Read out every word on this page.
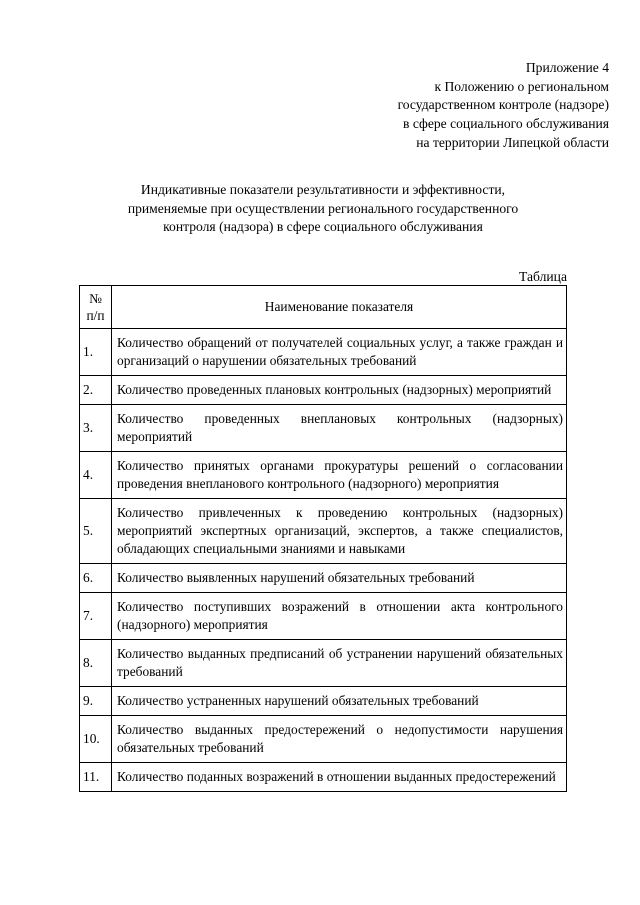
Приложение 4
к Положению о региональном
государственном контроле (надзоре)
в сфере социального обслуживания
на территории Липецкой области
Индикативные показатели результативности и эффективности,
применяемые при осуществлении регионального государственного
контроля (надзора) в сфере социального обслуживания
Таблица
№
п/п	Наименование показателя
1.	Количество обращений от получателей социальных услуг, а также граждан и организаций о нарушении обязательных требований
2.	Количество проведенных плановых контрольных (надзорных) мероприятий
3.	Количество проведенных внеплановых контрольных (надзорных) мероприятий
4.	Количество принятых органами прокуратуры решений о согласовании проведения внепланового контрольного (надзорного) мероприятия
5.	Количество привлеченных к проведению контрольных (надзорных) мероприятий экспертных организаций, экспертов, а также специалистов, обладающих специальными знаниями и навыками
6.	Количество выявленных нарушений обязательных требований
7.	Количество поступивших возражений в отношении акта контрольного (надзорного) мероприятия
8.	Количество выданных предписаний об устранении нарушений обязательных требований
9.	Количество устраненных нарушений обязательных требований
10.	Количество выданных предостережений о недопустимости нарушения обязательных требований
11.	Количество поданных возражений в отношении выданных предостережений
